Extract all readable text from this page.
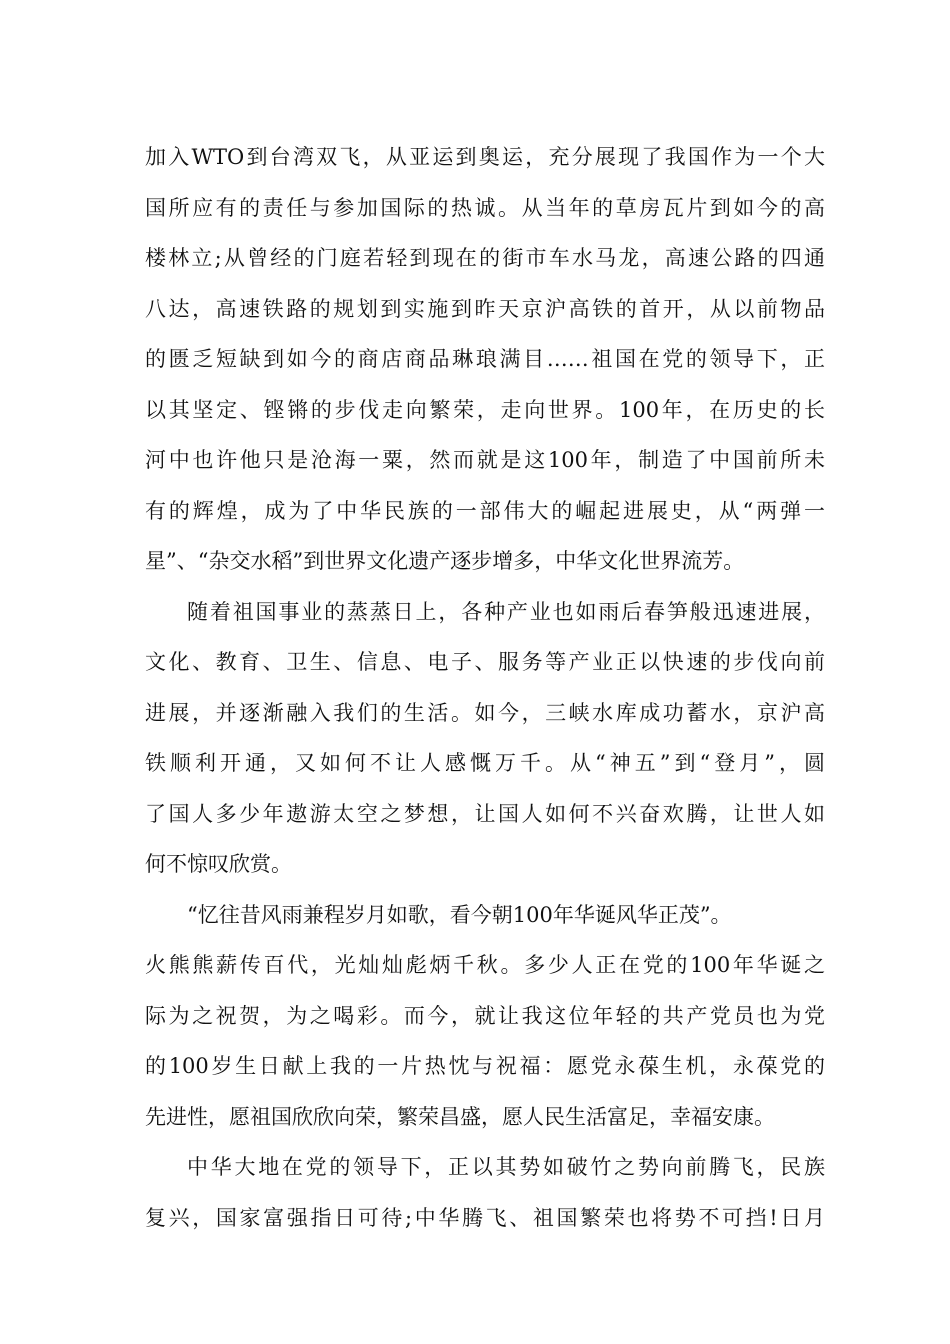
加入WTO到台湾双飞，从亚运到奥运，充分展现了我国作为一个大
国所应有的责任与参加国际的热诚。从当年的草房瓦片到如今的高
楼林立;从曾经的门庭若轻到现在的街市车水马龙，高速公路的四通
八达，高速铁路的规划到实施到昨天京沪高铁的首开，从以前物品
的匮乏短缺到如今的商店商品琳琅满目……祖国在党的领导下，正
以其坚定、铿锵的步伐走向繁荣，走向世界。100年，在历史的长
河中也许他只是沧海一粟，然而就是这100年，制造了中国前所未
有的辉煌，成为了中华民族的一部伟大的崛起进展史，从“两弹一
星”、“杂交水稻”到世界文化遗产逐步增多，中华文化世界流芳。

随着祖国事业的蒸蒸日上，各种产业也如雨后春笋般迅速进展，
文化、教育、卫生、信息、电子、服务等产业正以快速的步伐向前
进展，并逐渐融入我们的生活。如今，三峡水库成功蓄水，京沪高
铁顺利开通，又如何不让人感慨万千。从“神五”到“登月”，圆
了国人多少年遨游太空之梦想，让国人如何不兴奋欢腾，让世人如
何不惊叹欣赏。

“忆往昔风雨兼程岁月如歌，看今朝100年华诞风华正茂”。
火熊熊薪传百代，光灿灿彪炳千秋。多少人正在党的100年华诞之
际为之祝贺，为之喝彩。而今，就让我这位年轻的共产党员也为党
的100岁生日献上我的一片热忱与祝福：愿党永葆生机，永葆党的
先进性，愿祖国欣欣向荣，繁荣昌盛，愿人民生活富足，幸福安康。

中华大地在党的领导下，正以其势如破竹之势向前腾飞，民族
复兴，国家富强指日可待;中华腾飞、祖国繁荣也将势不可挡!日月
